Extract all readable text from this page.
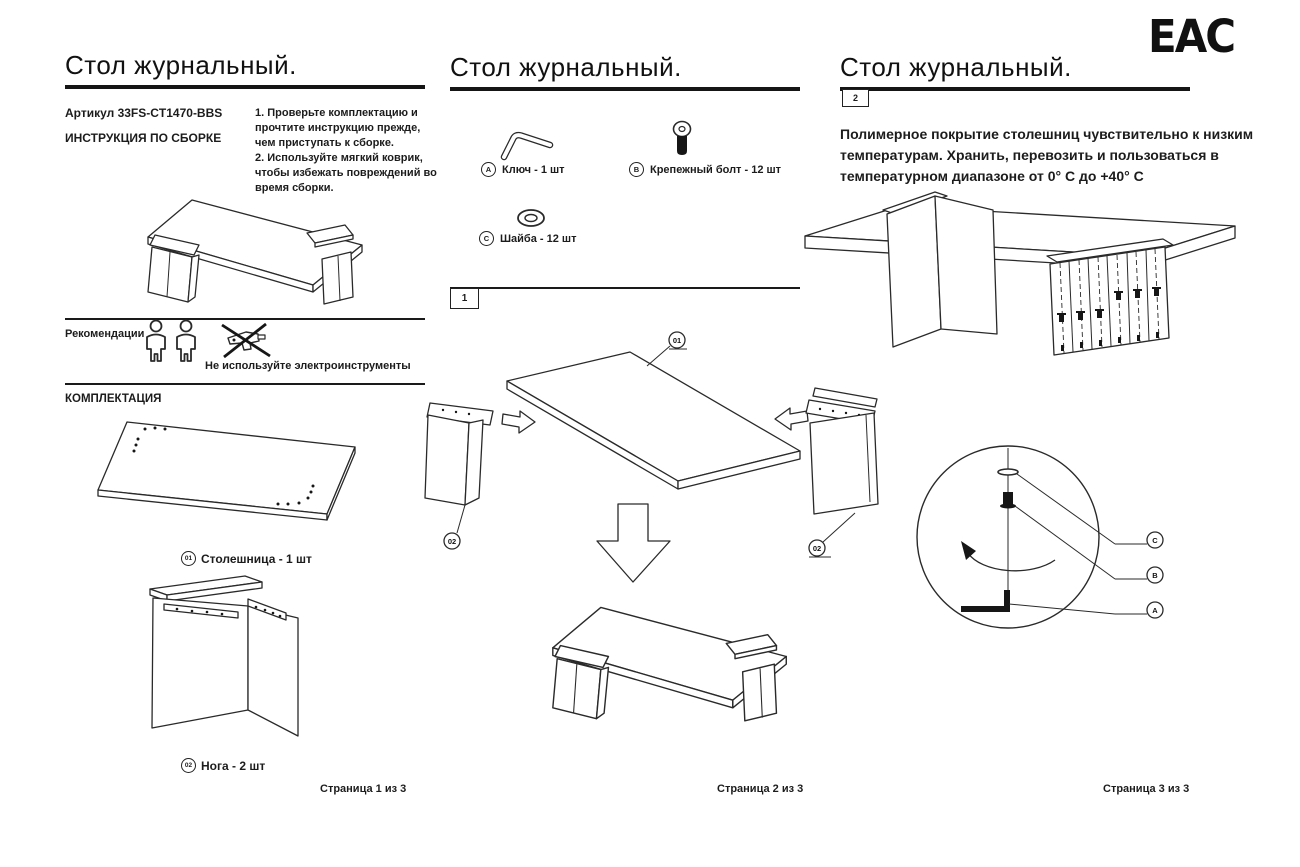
Стол журнальный.
Артикул 33FS-CT1470-BBS
ИНСТРУКЦИЯ ПО СБОРКЕ
1. Проверьте комплектацию и прочтите инструкцию прежде, чем приступать к сборке.
2. Используйте мягкий коврик, чтобы избежать повреждений во время сборки.
Рекомендации
Не используйте электроинструменты
КОМПЛЕКТАЦИЯ
01 Столешница - 1 шт
02 Нога - 2 шт
Страница 1 из 3
Стол журнальный.
A Ключ - 1 шт	B Крепежный болт - 12 шт
C Шайба - 12 шт
1
02
01
02
Страница 2 из 3
Стол журнальный.
EAC
2
Полимерное покрытие столешниц чувствительно к низким температурам. Хранить, перевозить и пользоваться в температурном диапазоне от 0° С до +40° С
C
B
A
Страница 3 из 3
